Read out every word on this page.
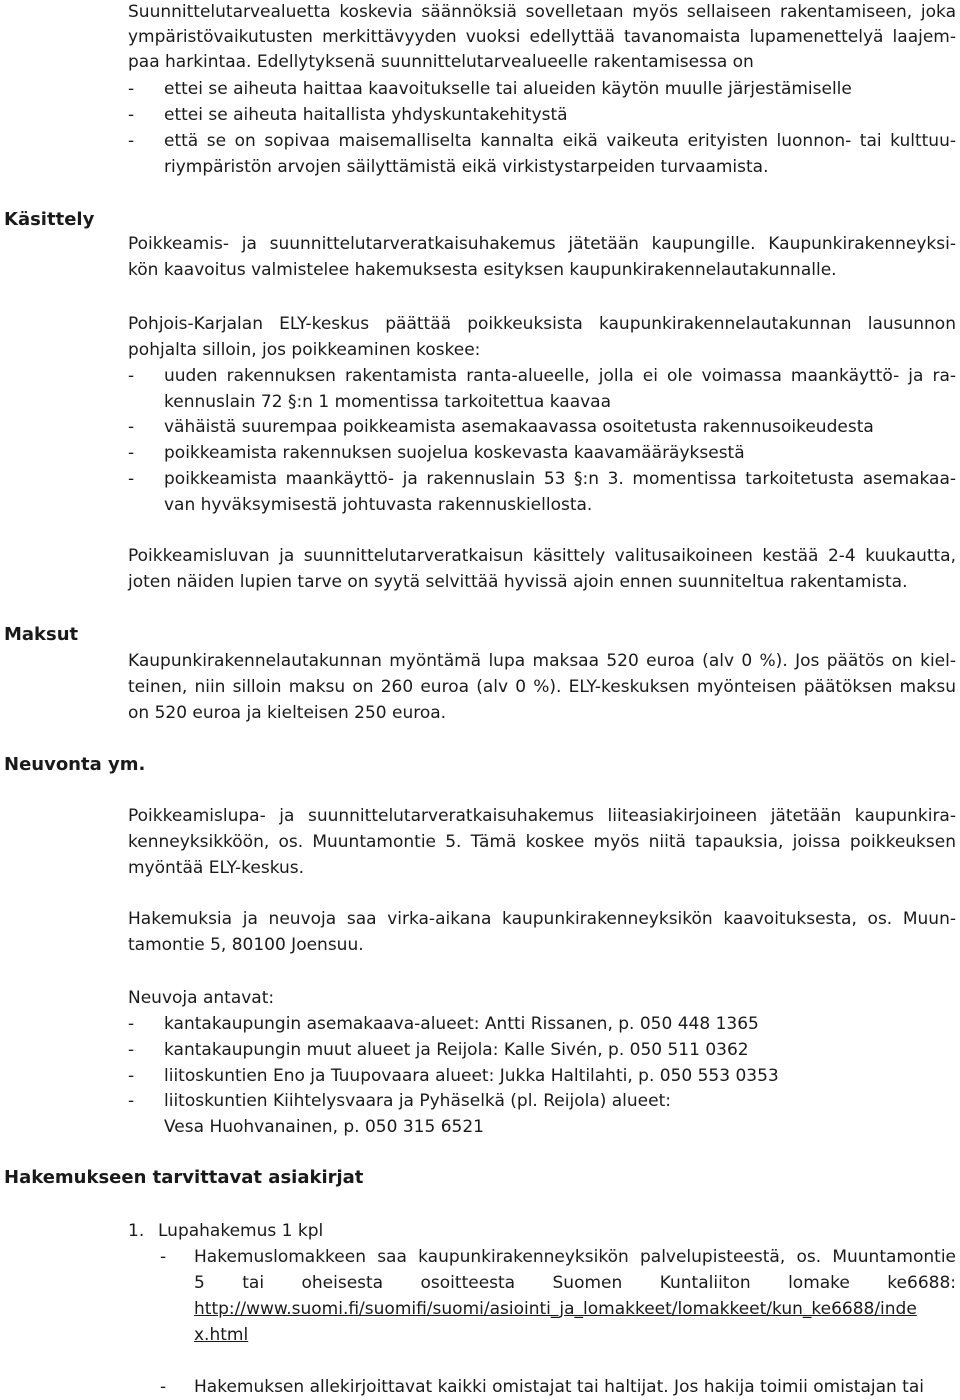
Suunnittelutarvealuetta koskevia säännöksiä sovelletaan myös sellaiseen rakentamiseen, joka
ympäristövaikutusten merkittävyyden vuoksi edellyttää tavanomaista lupamenettelyä laajem-
paa harkintaa. Edellytyksenä suunnittelutarvealueelle rakentamisessa on
- ettei se aiheuta haittaa kaavoitukselle tai alueiden käytön muulle järjestämiselle
- ettei se aiheuta haitallista yhdyskuntakehitystä
- että se on sopivaa maisemalliselta kannalta eikä vaikeuta erityisten luonnon- tai kulttuu-
riympäristön arvojen säilyttämistä eikä virkistystarpeiden turvaamista.
Käsittely
Poikkeamis- ja suunnittelutarveratkaisuhakemus jätetään kaupungille. Kaupunkirakenneyksi-
kön kaavoitus valmistelee hakemuksesta esityksen kaupunkirakennelautakunnalle.
Pohjois-Karjalan ELY-keskus päättää poikkeuksista kaupunkirakennelautakunnan lausunnon
pohjalta silloin, jos poikkeaminen koskee:
- uuden rakennuksen rakentamista ranta-alueelle, jolla ei ole voimassa maankäyttö- ja ra-
kennuslain 72 §:n 1 momentissa tarkoitettua kaavaa
- vähäistä suurempaa poikkeamista asemakaavassa osoitetusta rakennusoikeudesta
- poikkeamista rakennuksen suojelua koskevasta kaavamääräyksestä
- poikkeamista maankäyttö- ja rakennuslain 53 §:n 3. momentissa tarkoitetusta asemakaa-
van hyväksymisestä johtuvasta rakennuskiellosta.
Poikkeamisluvan ja suunnittelutarveratkaisun käsittely valitusaikoineen kestää 2-4 kuukautta,
joten näiden lupien tarve on syytä selvittää hyvissä ajoin ennen suunniteltua rakentamista.
Maksut
Kaupunkirakennelautakunnan myöntämä lupa maksaa 520 euroa (alv 0 %). Jos päätös on kiel-
teinen, niin silloin maksu on 260 euroa (alv 0 %). ELY-keskuksen myönteisen päätöksen maksu
on 520 euroa ja kielteisen 250 euroa.
Neuvonta ym.
Poikkeamislupa- ja suunnittelutarveratkaisuhakemus liiteasiakirjoineen jätetään kaupunkira-
kenneyksikköön, os. Muuntamontie 5. Tämä koskee myös niitä tapauksia, joissa poikkeuksen
myöntää ELY-keskus.
Hakemuksia ja neuvoja saa virka-aikana kaupunkirakenneyksikön kaavoituksesta, os. Muun-
tamontie 5, 80100 Joensuu.
Neuvoja antavat:
- kantakaupungin asemakaava-alueet: Antti Rissanen, p. 050 448 1365
- kantakaupungin muut alueet ja Reijola: Kalle Sivén, p. 050 511 0362
- liitoskuntien Eno ja Tuupovaara alueet: Jukka Haltilahti, p. 050 553 0353
- liitoskuntien Kiihtelysvaara ja Pyhäselkä (pl. Reijola) alueet:
Vesa Huohvanainen, p. 050 315 6521
Hakemukseen tarvittavat asiakirjat
1. Lupahakemus 1 kpl
- Hakemuslomakkeen saa kaupunkirakenneyksikön palvelupisteestä, os. Muuntamontie
5 tai oheisesta osoitteesta Suomen Kuntaliiton lomake ke6688:
http://www.suomi.fi/suomifi/suomi/asiointi_ja_lomakkeet/lomakkeet/kun_ke6688/inde
x.html
- Hakemuksen allekirjoittavat kaikki omistajat tai haltijat. Jos hakija toimii omistajan tai
